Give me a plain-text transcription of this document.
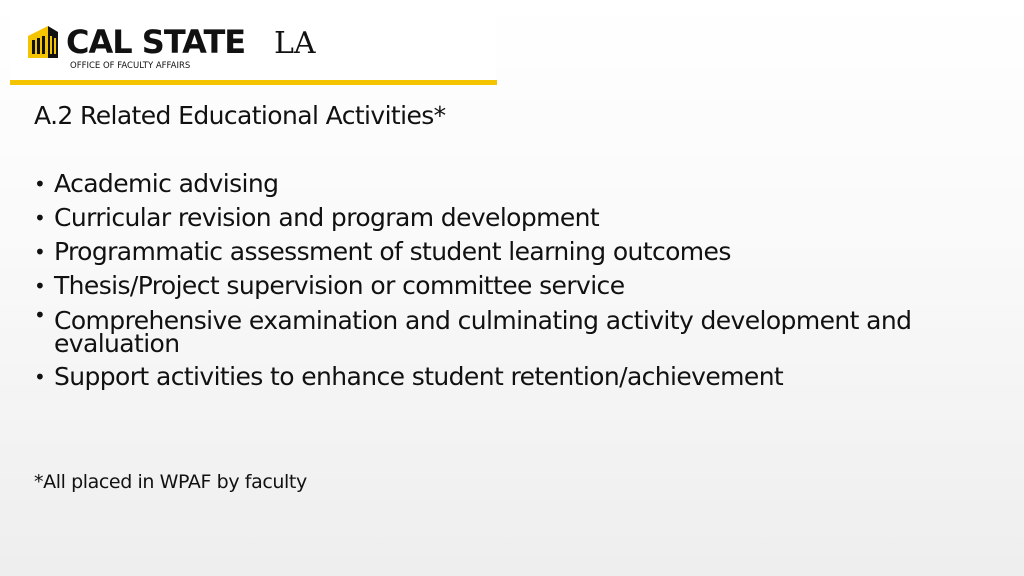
CAL STATE LA
OFFICE OF FACULTY AFFAIRS
A.2 Related Educational Activities*
• Academic advising
• Curricular revision and program development
• Programmatic assessment of student learning outcomes
• Thesis/Project supervision or committee service
• Comprehensive examination and culminating activity development and evaluation
• Support activities to enhance student retention/achievement
*All placed in WPAF by faculty
